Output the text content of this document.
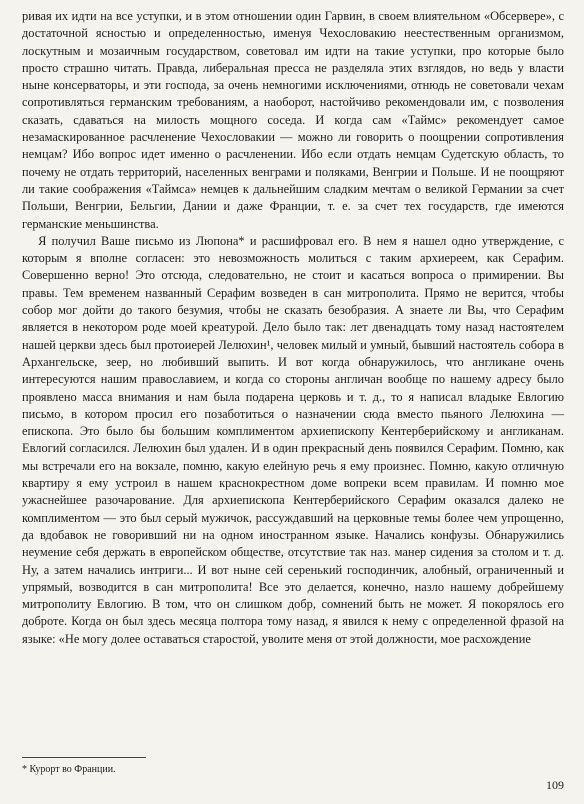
ривая их идти на все уступки, и в этом отношении один Гарвин, в своем влиятельном «Обсервере», с достаточной ясностью и определенностью, именуя Чехословакию неестественным организмом, лоскутным и мозаичным государством, советовал им идти на такие уступки, про которые было просто страшно читать. Правда, либеральная пресса не разделяла этих взглядов, но ведь у власти ныне консерваторы, и эти господа, за очень немногими исключениями, отнюдь не советовали чехам сопротивляться германским требованиям, а наоборот, настойчиво рекомендовали им, с позволения сказать, сдаваться на милость мощного соседа. И когда сам «Таймс» рекомендует самое незамаскированное расчленение Чехословакии — можно ли говорить о поощрении сопротивления немцам? Ибо вопрос идет именно о расчленении. Ибо если отдать немцам Судетскую область, то почему не отдать территорий, населенных венграми и поляками, Венгрии и Польше. И не поощряют ли такие соображения «Таймса» немцев к дальнейшим сладким мечтам о великой Германии за счет Польши, Венгрии, Бельгии, Дании и даже Франции, т. е. за счет тех государств, где имеются германские меньшинства.

Я получил Ваше письмо из Люпона* и расшифровал его. В нем я нашел одно утверждение, с которым я вполне согласен: это невозможность молиться с таким архиереем, как Серафим. Совершенно верно! Это отсюда, следовательно, не стоит и касаться вопроса о примирении. Вы правы. Тем временем названный Серафим возведен в сан митрополита. Прямо не верится, чтобы собор мог дойти до такого безумия, чтобы не сказать безобразия. А знаете ли Вы, что Серафим является в некотором роде моей креатурой. Дело было так: лет двенадцать тому назад настоятелем нашей церкви здесь был протоиерей Лелюхин¹, человек милый и умный, бывший настоятель собора в Архангельске, зеер, но любивший выпить. И вот когда обнаружилось, что англикане очень интересуются нашим православием, и когда со стороны англичан вообще по нашему адресу было проявлено масса внимания и нам была подарена церковь и т. д., то я написал владыке Евлогию письмо, в котором просил его позаботиться о назначении сюда вместо пьяного Лелюхина — епископа. Это было бы большим комплиментом архиепископу Кентерберийскому и англиканам. Евлогий согласился. Лелюхин был удален. И в один прекрасный день появился Серафим. Помню, как мы встречали его на вокзале, помню, какую елейную речь я ему произнес. Помню, какую отличную квартиру я ему устроил в нашем краснокрестном доме вопреки всем правилам. И помню мое ужаснейшее разочарование. Для архиепископа Кентерберийского Серафим оказался далеко не комплиментом — это был серый мужичок, рассуждавший на церковные темы более чем упрощенно, да вдобавок не говоривший ни на одном иностранном языке. Начались конфузы. Обнаружились неумение себя держать в европейском обществе, отсутствие так наз. манер сидения за столом и т. д. Ну, а затем начались интриги... И вот ныне сей серенький господинчик, алобный, ограниченный и упрямый, возводится в сан митрополита! Все это делается, конечно, назло нашему добрейшему митрополиту Евлогию. В том, что он слишком добр, сомнений быть не может. Я покорялось его доброте. Когда он был здесь месяца полтора тому назад, я явился к нему с определенной фразой на языке: «Не могу долее оставаться старостой, уволите меня от этой должности, мое расхождение

* Курорт во Франции.
109
